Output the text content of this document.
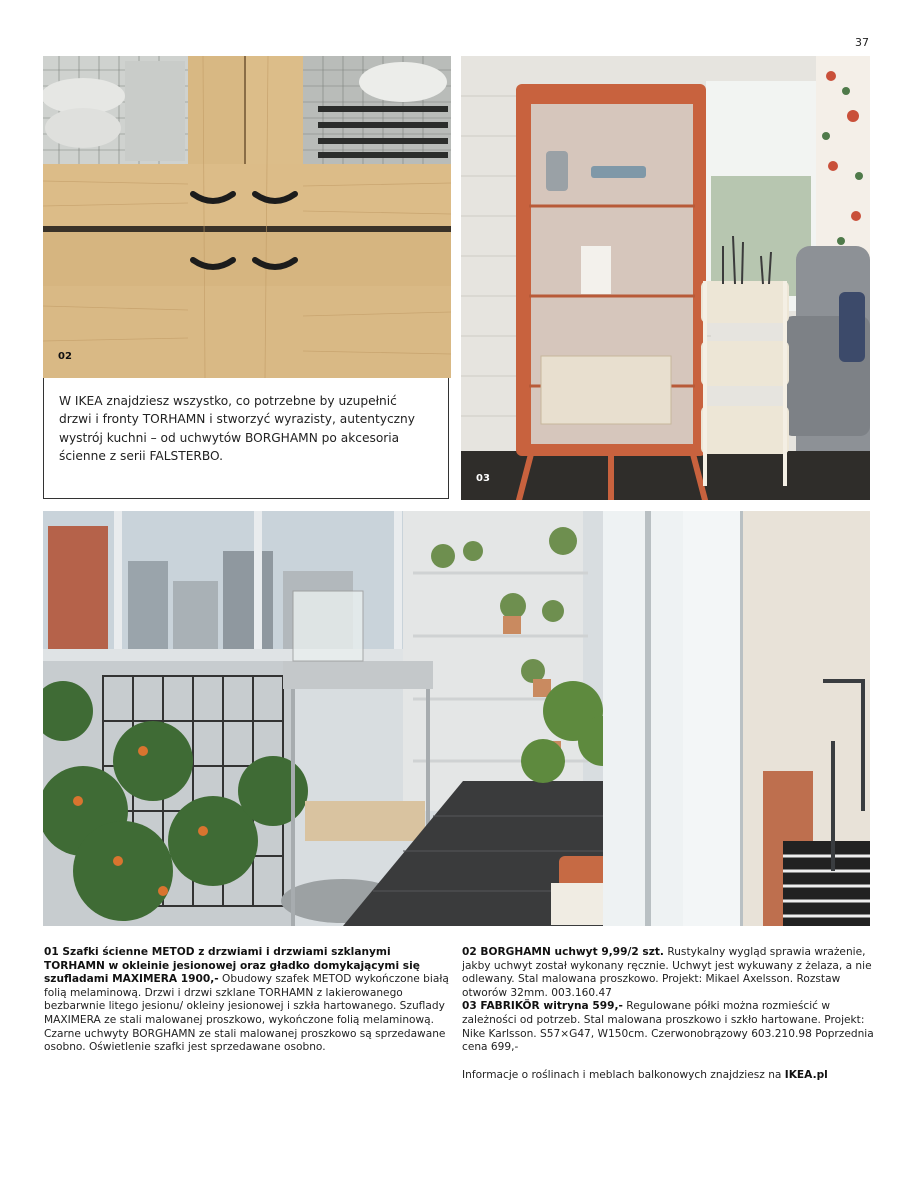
37
02
W IKEA znajdziesz wszystko, co potrzebne by uzupełnić drzwi i fronty TORHAMN i stworzyć wyrazisty, autentyczny wystrój kuchni – od uchwytów BORGHAMN po akcesoria ścienne z serii FALSTERBO.
03

01 Szafki ścienne METOD z drzwiami i drzwiami szklanymi TORHAMN w okleinie jesionowej oraz gładko domykającymi się szufladami MAXIMERA 1900,- Obudowy szafek METOD wykończone białą folią melaminową. Drzwi i drzwi szklane TORHAMN z lakierowanego bezbarwnie litego jesionu/ okleiny jesionowej i szkła hartowanego. Szuflady MAXIMERA ze stali malowanej proszkowo, wykończone folią melaminową. Czarne uchwyty BORGHAMN ze stali malowanej proszkowo są sprzedawane osobno. Oświetlenie szafki jest sprzedawane osobno.

02 BORGHAMN uchwyt 9,99/2 szt. Rustykalny wygląd sprawia wrażenie, jakby uchwyt został wykonany ręcznie. Uchwyt jest wykuwany z żelaza, a nie odlewany. Stal malowana proszkowo. Projekt: Mikael Axelsson. Rozstaw otworów 32mm. 003.160.47

03 FABRIKÖR witryna 599,- Regulowane półki można rozmieścić w zależności od potrzeb. Stal malowana proszkowo i szkło hartowane. Projekt: Nike Karlsson. S57×G47, W150cm. Czerwonobrązowy 603.210.98 Poprzednia cena 699,-

Informacje o roślinach i meblach balkonowych znajdziesz na IKEA.pl
